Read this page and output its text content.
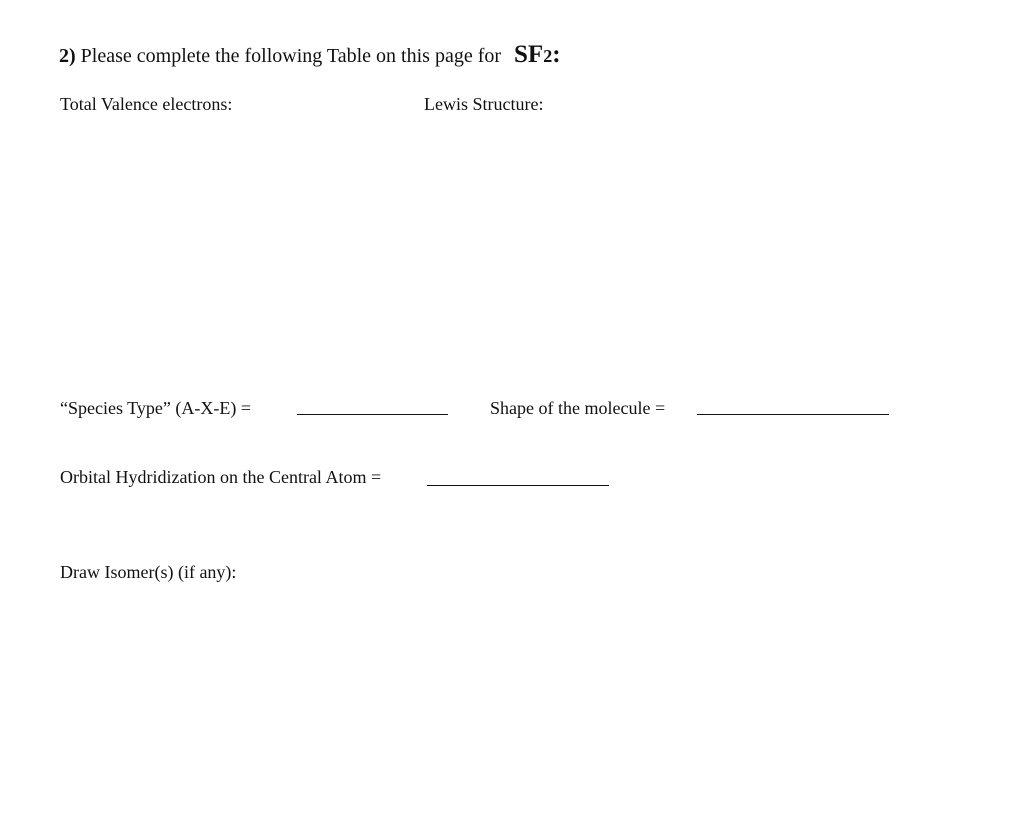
2) Please complete the following Table on this page for SF2:
Total Valence electrons:	Lewis Structure:
“Species Type” (A-X-E) =	Shape of the molecule =
Orbital Hydridization on the Central Atom =
Draw Isomer(s) (if any):
